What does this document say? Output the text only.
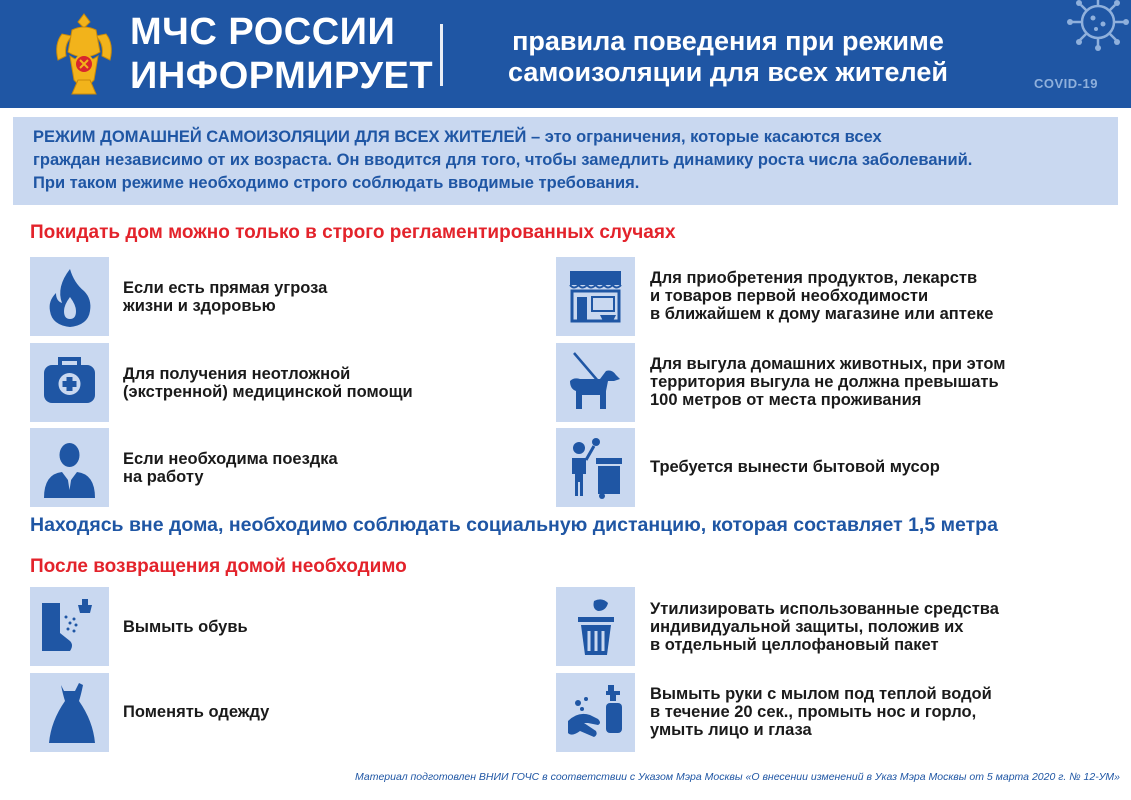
МЧС РОССИИ
ИНФОРМИРУЕТ
правила поведения при режиме
самоизоляции для всех жителей	COVID-19
РЕЖИМ ДОМАШНЕЙ САМОИЗОЛЯЦИИ ДЛЯ ВСЕХ ЖИТЕЛЕЙ – это ограничения, которые касаются всех
граждан независимо от их возраста. Он вводится для того, чтобы замедлить динамику роста числа заболеваний.
При таком режиме необходимо строго соблюдать вводимые требования.
Покидать дом можно только в строго регламентированных случаях
Если есть прямая угроза
жизни и здоровью
Для получения неотложной
(экстренной) медицинской помощи
Если необходима поездка
на работу
Для приобретения продуктов, лекарств
и товаров первой необходимости
в ближайшем к дому магазине или аптеке
Для выгула домашних животных, при этом
территория выгула не должна превышать
100 метров от места проживания
Требуется вынести бытовой мусор
Находясь вне дома, необходимо соблюдать социальную дистанцию, которая составляет 1,5 метра
После возвращения домой необходимо
Вымыть обувь
Поменять одежду
Утилизировать использованные средства
индивидуальной защиты, положив их
в отдельный целлофановый пакет
Вымыть руки с мылом под теплой водой
в течение 20 сек., промыть нос и горло,
умыть лицо и глаза
Материал подготовлен ВНИИ ГОЧС в соответствии с Указом Мэра Москвы «О внесении изменений в Указ Мэра Москвы от 5 марта 2020 г. № 12-УМ»
